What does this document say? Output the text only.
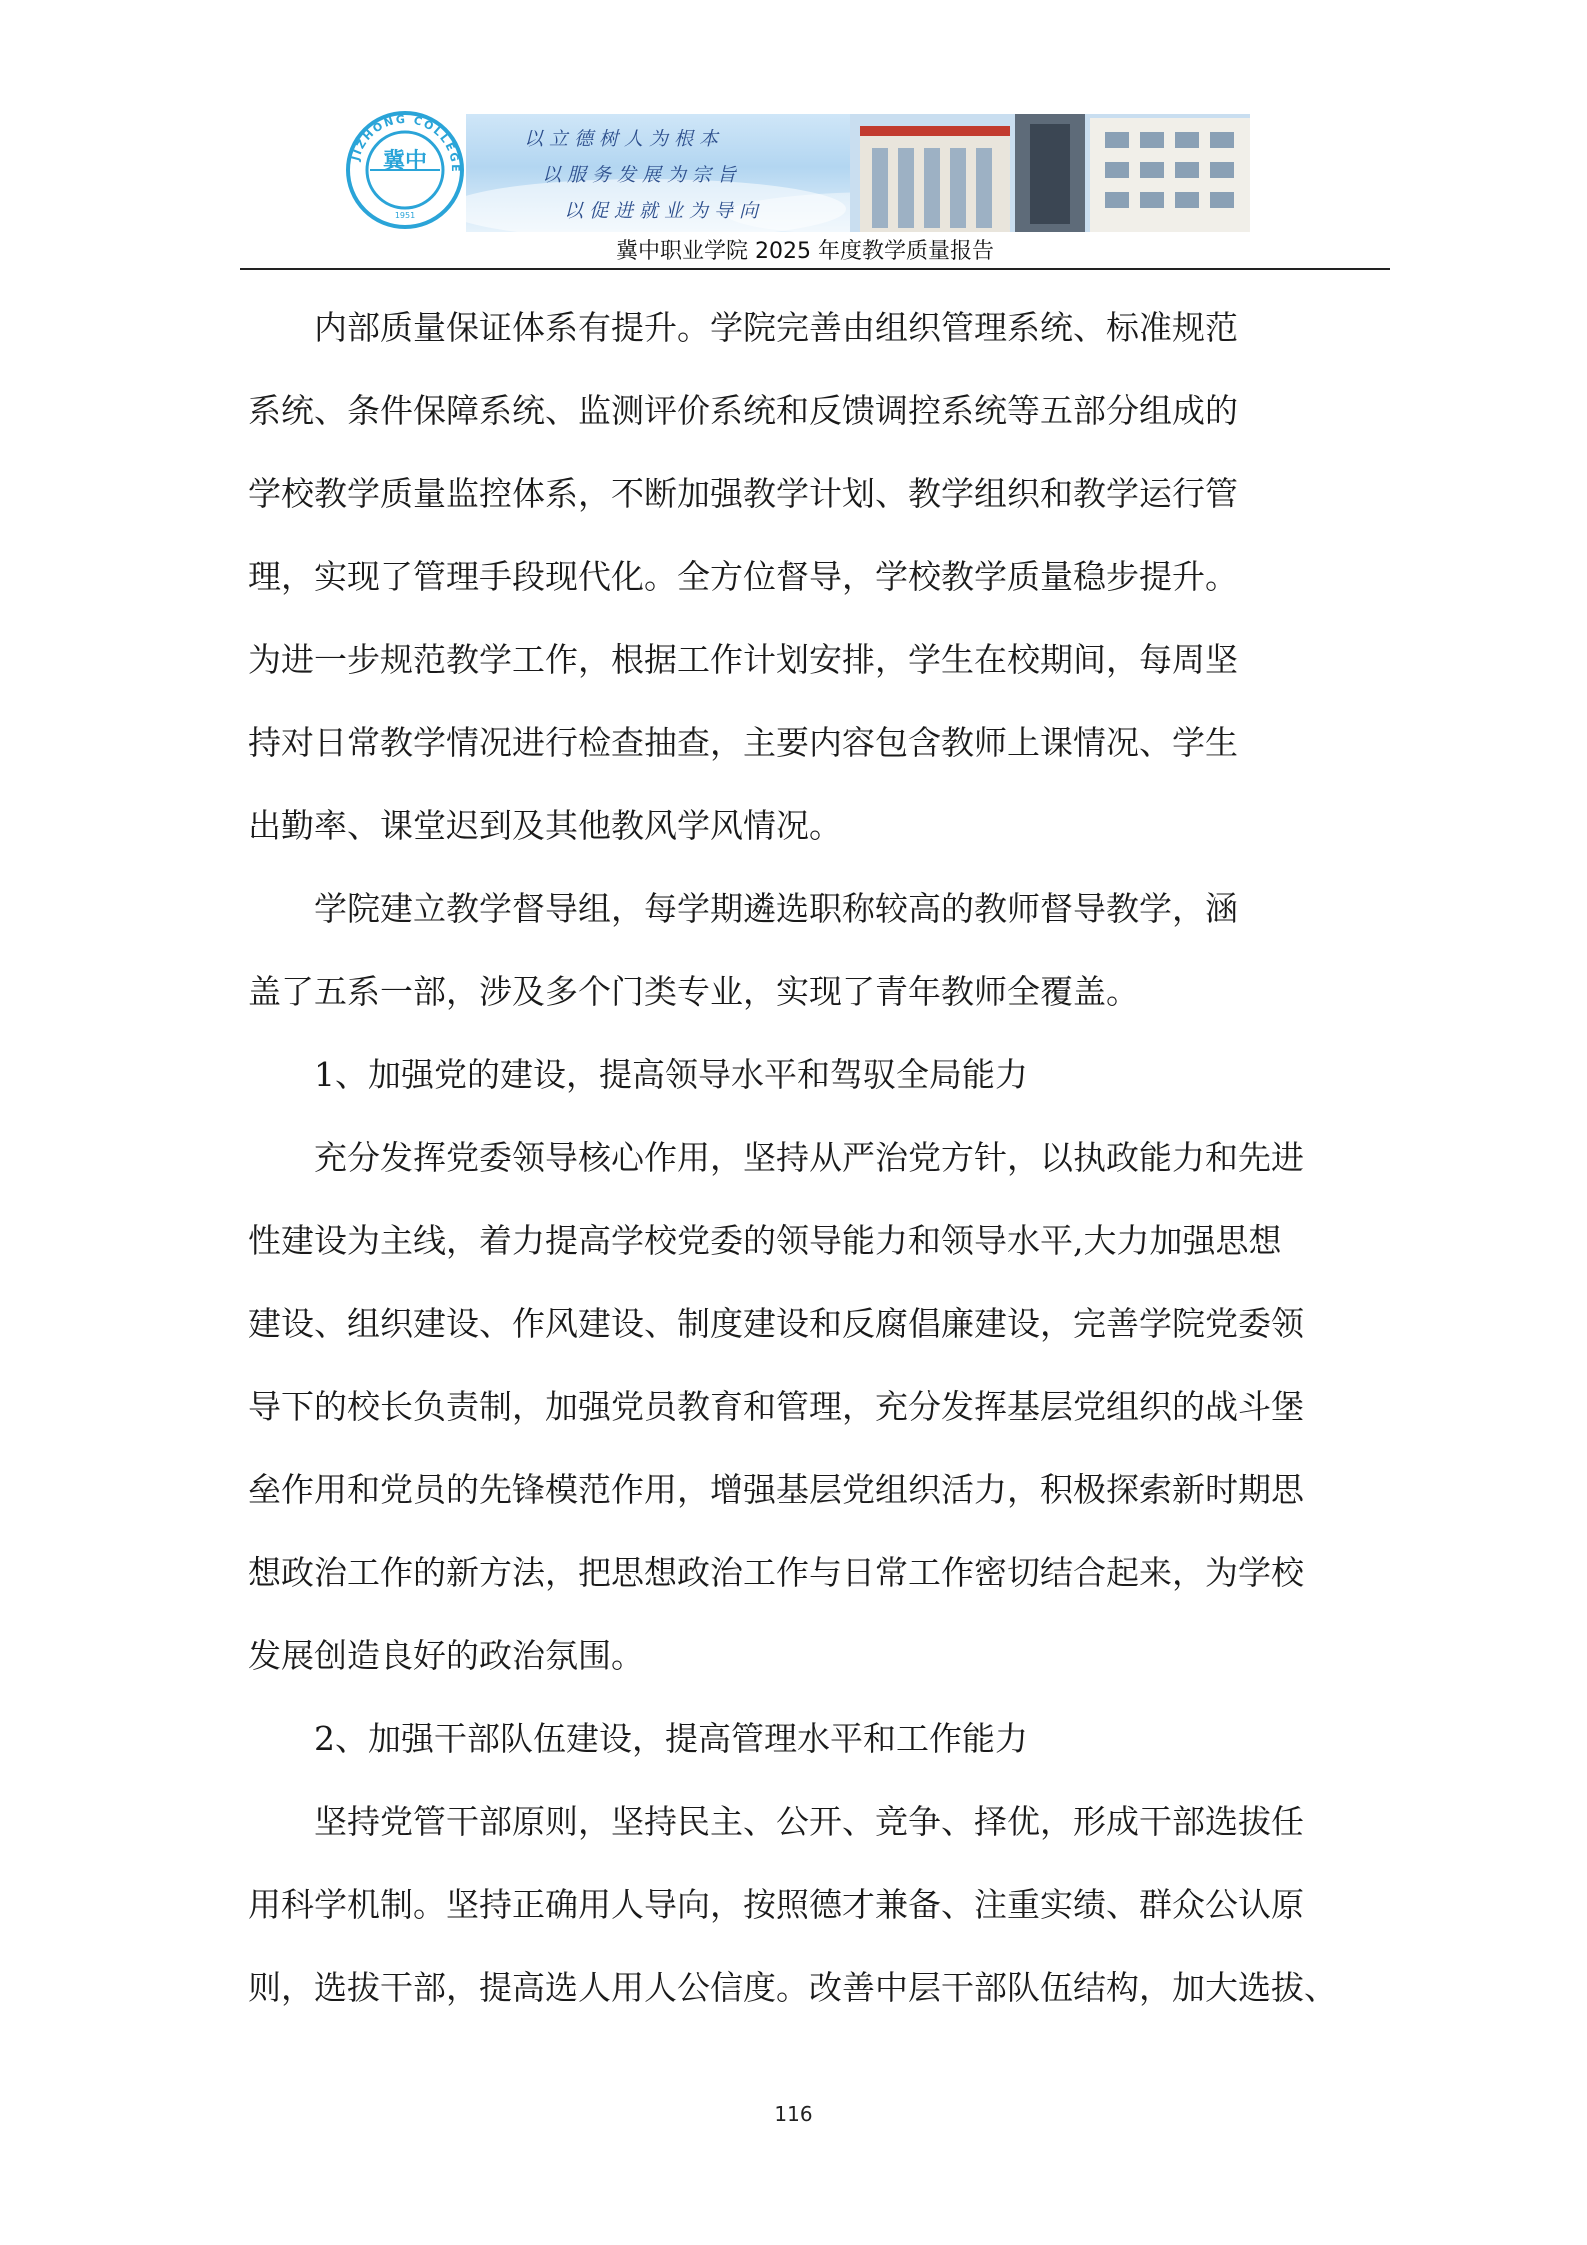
JIZHONG COLLEGE
冀中
1951
以立德树人为根本
以服务发展为宗旨
以促进就业为导向
冀中职业学院 2025 年度教学质量报告

内部质量保证体系有提升。学院完善由组织管理系统、标准规范
系统、条件保障系统、监测评价系统和反馈调控系统等五部分组成的
学校教学质量监控体系，不断加强教学计划、教学组织和教学运行管
理，实现了管理手段现代化。全方位督导，学校教学质量稳步提升。
为进一步规范教学工作，根据工作计划安排，学生在校期间，每周坚
持对日常教学情况进行检查抽查，主要内容包含教师上课情况、学生
出勤率、课堂迟到及其他教风学风情况。

学院建立教学督导组，每学期遴选职称较高的教师督导教学，涵
盖了五系一部，涉及多个门类专业，实现了青年教师全覆盖。

1、加强党的建设，提高领导水平和驾驭全局能力

充分发挥党委领导核心作用，坚持从严治党方针，以执政能力和先进
性建设为主线，着力提高学校党委的领导能力和领导水平,大力加强思想
建设、组织建设、作风建设、制度建设和反腐倡廉建设，完善学院党委领
导下的校长负责制，加强党员教育和管理，充分发挥基层党组织的战斗堡
垒作用和党员的先锋模范作用，增强基层党组织活力，积极探索新时期思
想政治工作的新方法，把思想政治工作与日常工作密切结合起来，为学校
发展创造良好的政治氛围。

2、加强干部队伍建设，提高管理水平和工作能力

坚持党管干部原则，坚持民主、公开、竞争、择优，形成干部选拔任
用科学机制。坚持正确用人导向，按照德才兼备、注重实绩、群众公认原
则，选拔干部，提高选人用人公信度。改善中层干部队伍结构，加大选拔、

116
